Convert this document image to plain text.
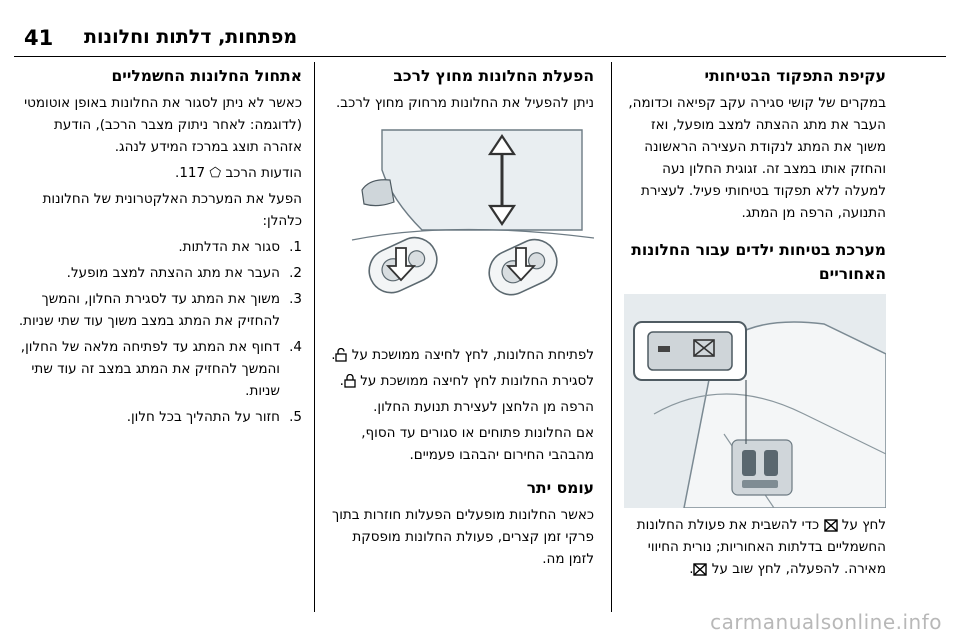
41 מפתחות, דלתות וחלונות
עקיפת התפקוד הבטיחותי

במקרים של קושי סגירה עקב קפיאה וכדומה, העבר את מתג ההצתה למצב מופעל, ואז משוך את המתג לנקודת העצירה הראשונה והחזק אותו במצב זה. זגוגית החלון נעה למעלה ללא תפקוד בטיחותי פעיל. לעצירת התנועה, הרפה מן המתג.

מערכת בטיחות ילדים עבור החלונות האחוריים

לחץ על  כדי להשבית את פעולת החלונות החשמליים בדלתות האחוריות; נורית החיווי מאירה. להפעלה, לחץ שוב על .

הפעלת החלונות מחוץ לרכב

ניתן להפעיל את החלונות מרחוק מחוץ לרכב.

לפתיחת החלונות, לחץ לחיצה ממושכת על .

לסגירת החלונות לחץ לחיצה ממושכת על .

הרפה מן הלחצן לעצירת תנועת החלון.

אם החלונות פתוחים או סגורים עד הסוף, מהבהבי החירום יהבהבו פעמיים.

עומס יתר

כאשר החלונות מופעלים הפעלות חוזרות בתוך פרקי זמן קצרים, פעולת החלונות מופסקת לזמן מה.

אתחול החלונות החשמליים

כאשר לא ניתן לסגור את החלונות באופן אוטומטי (לדוגמה: לאחר ניתוק מצבר הרכב), הודעת אזהרה תוצג במרכז המידע לנהג.

הודעות הרכב ⬠ 117.

הפעל את המערכת האלקטרונית של החלונות כלהלן:

1.
סגור את הדלתות.
2.
העבר את מתג ההצתה למצב מופעל.
3.
משוך את המתג עד לסגירת החלון, והמשך להחזיק את המתג במצב משוך עוד שתי שניות.
4.
דחוף את המתג עד לפתיחה מלאה של החלון, והמשך להחזיק את המתג במצב זה עוד שתי שניות.
5.
חזור על התהליך בכל חלון.
carmanualsonline.info
